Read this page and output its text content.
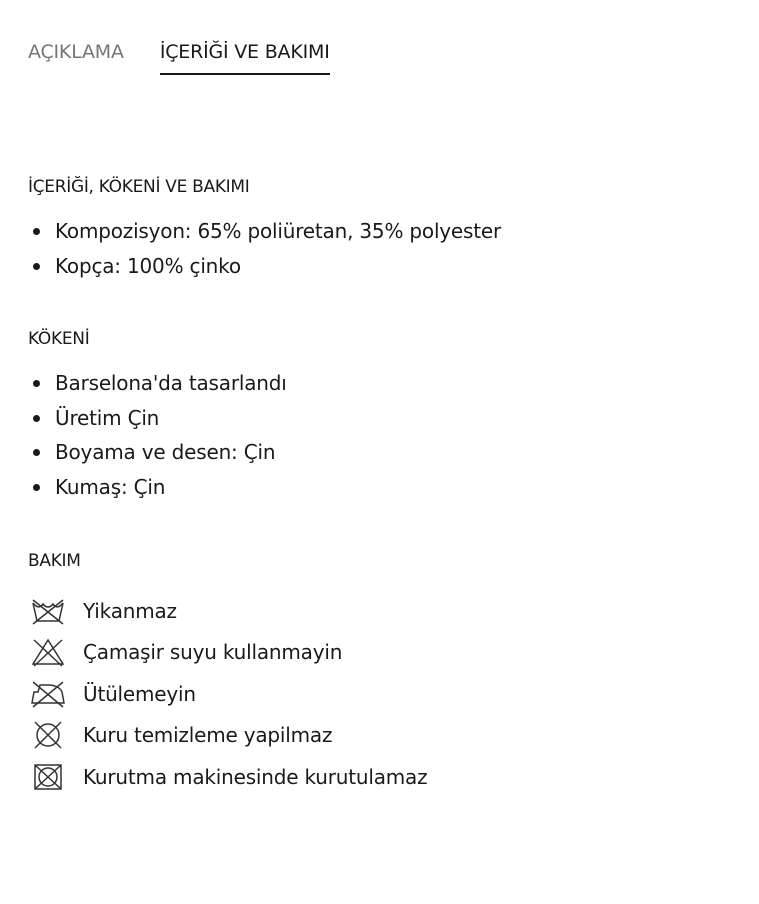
AÇIKLAMA İÇERİĞİ VE BAKIMI
İÇERİĞİ, KÖKENİ VE BAKIMI
Kompozisyon: 65% poliüretan, 35% polyester
Kopça: 100% çinko
KÖKENİ
Barselona'da tasarlandı
Üretim Çin
Boyama ve desen: Çin
Kumaş: Çin
BAKIM
Yikanmaz
Çamaşir suyu kullanmayin
Ütülemeyin
Kuru temizleme yapilmaz
Kurutma makinesinde kurutulamaz
